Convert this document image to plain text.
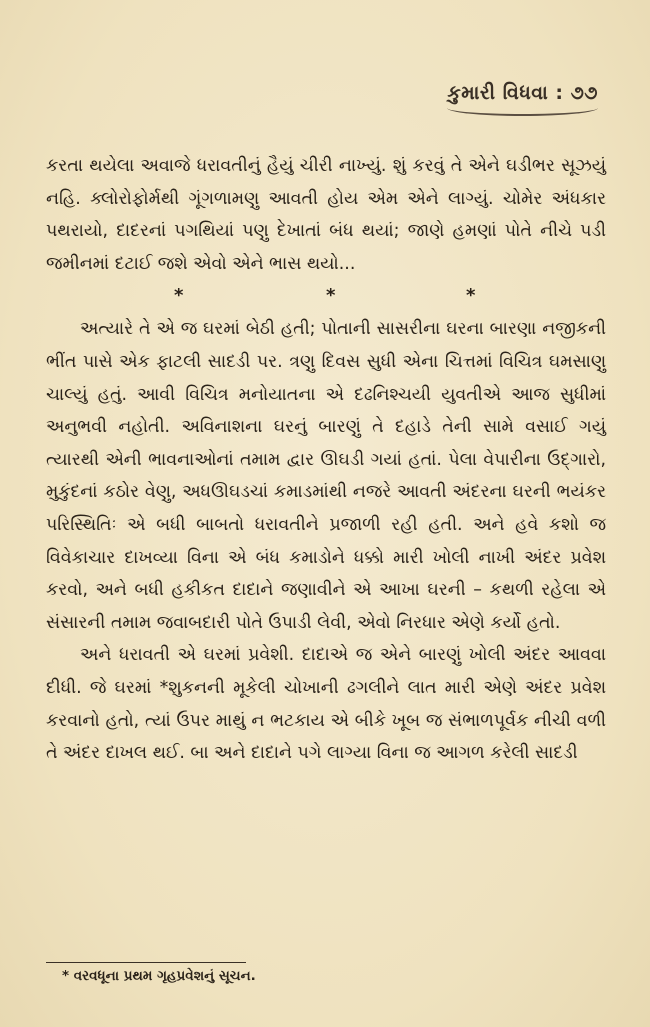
કુમારી વિધવા : ૭૭

કરતા થયેલા અવાજે ધરાવતીનું હૈયું ચીરી નાખ્યું. શું કરવું તે એને ઘડીભર સૂઝયું નહિ. ક્લોરોફોર્મથી ગૂંગળામણુ આવતી હોય એમ એને લાગ્યું. ચોમેર અંધકાર પથરાયો, દાદરનાં પગથિયાં પણુ દેખાતાં બંધ થયાં; જાણે હમણાં પોતે નીચે પડી જમીનમાં દટાઈ જશે એવો એને ભાસ થયો...

*	*	*

અત્યારે તે એ જ ઘરમાં બેઠી હતી; પોતાની સાસરીના ઘરના બારણા નજીકની ભીંત પાસે એક ફાટલી સાદડી પર. ત્રણુ દિવસ સુધી એના ચિત્તમાં વિચિત્ર ઘમસાણુ ચાલ્યું હતું. આવી વિચિત્ર મનોયાતના એ દઢનિશ્ચયી યુવતીએ આજ સુધીમાં અનુભવી નહોતી. અવિનાશના ઘરનું બારણું તે દહાડે તેની સામે વસાઈ ગયું ત્યારથી એની ભાવનાઓનાં તમામ દ્વાર ઊઘડી ગયાં હતાં. પેલા વેપારીના ઉદ્ગારો, મુકુંદનાં કઠોર વેણુ, અધઊઘડચાં કમાડમાંથી નજરે આવતી અંદરના ઘરની ભયંકર પરિસ્થિતિઃ એ બધી બાબતો ધરાવતીને પ્રજાળી રહી હતી. અને હવે કશો જ વિવેકાચાર દાખવ્યા વિના એ બંધ કમાડોને ધક્કો મારી ખોલી નાખી અંદર પ્રવેશ કરવો, અને બધી હકીકત દાદાને જણાવીને એ આખા ઘરની – કથળી રહેલા એ સંસારની તમામ જવાબદારી પોતે ઉપાડી લેવી, એવો નિરધાર એણે કર્યો હતો.

અને ધરાવતી એ ઘરમાં પ્રવેશી. દાદાએ જ એને બારણું ખોલી અંદર આવવા દીધી. જે ઘરમાં *શુકનની મૂકેલી ચોખાની ઢગલીને લાત મારી એણે અંદર પ્રવેશ કરવાનો હતો, ત્યાં ઉપર માથું ન ભટકાય એ બીકે ખૂબ જ સંભાળપૂર્વક નીચી વળી તે અંદર દાખલ થઈ. બા અને દાદાને પગે લાગ્યા વિના જ આગળ કરેલી સાદડી

* વરવધૂના પ્રથમ ગૃહપ્રવેશનું સૂચન.
